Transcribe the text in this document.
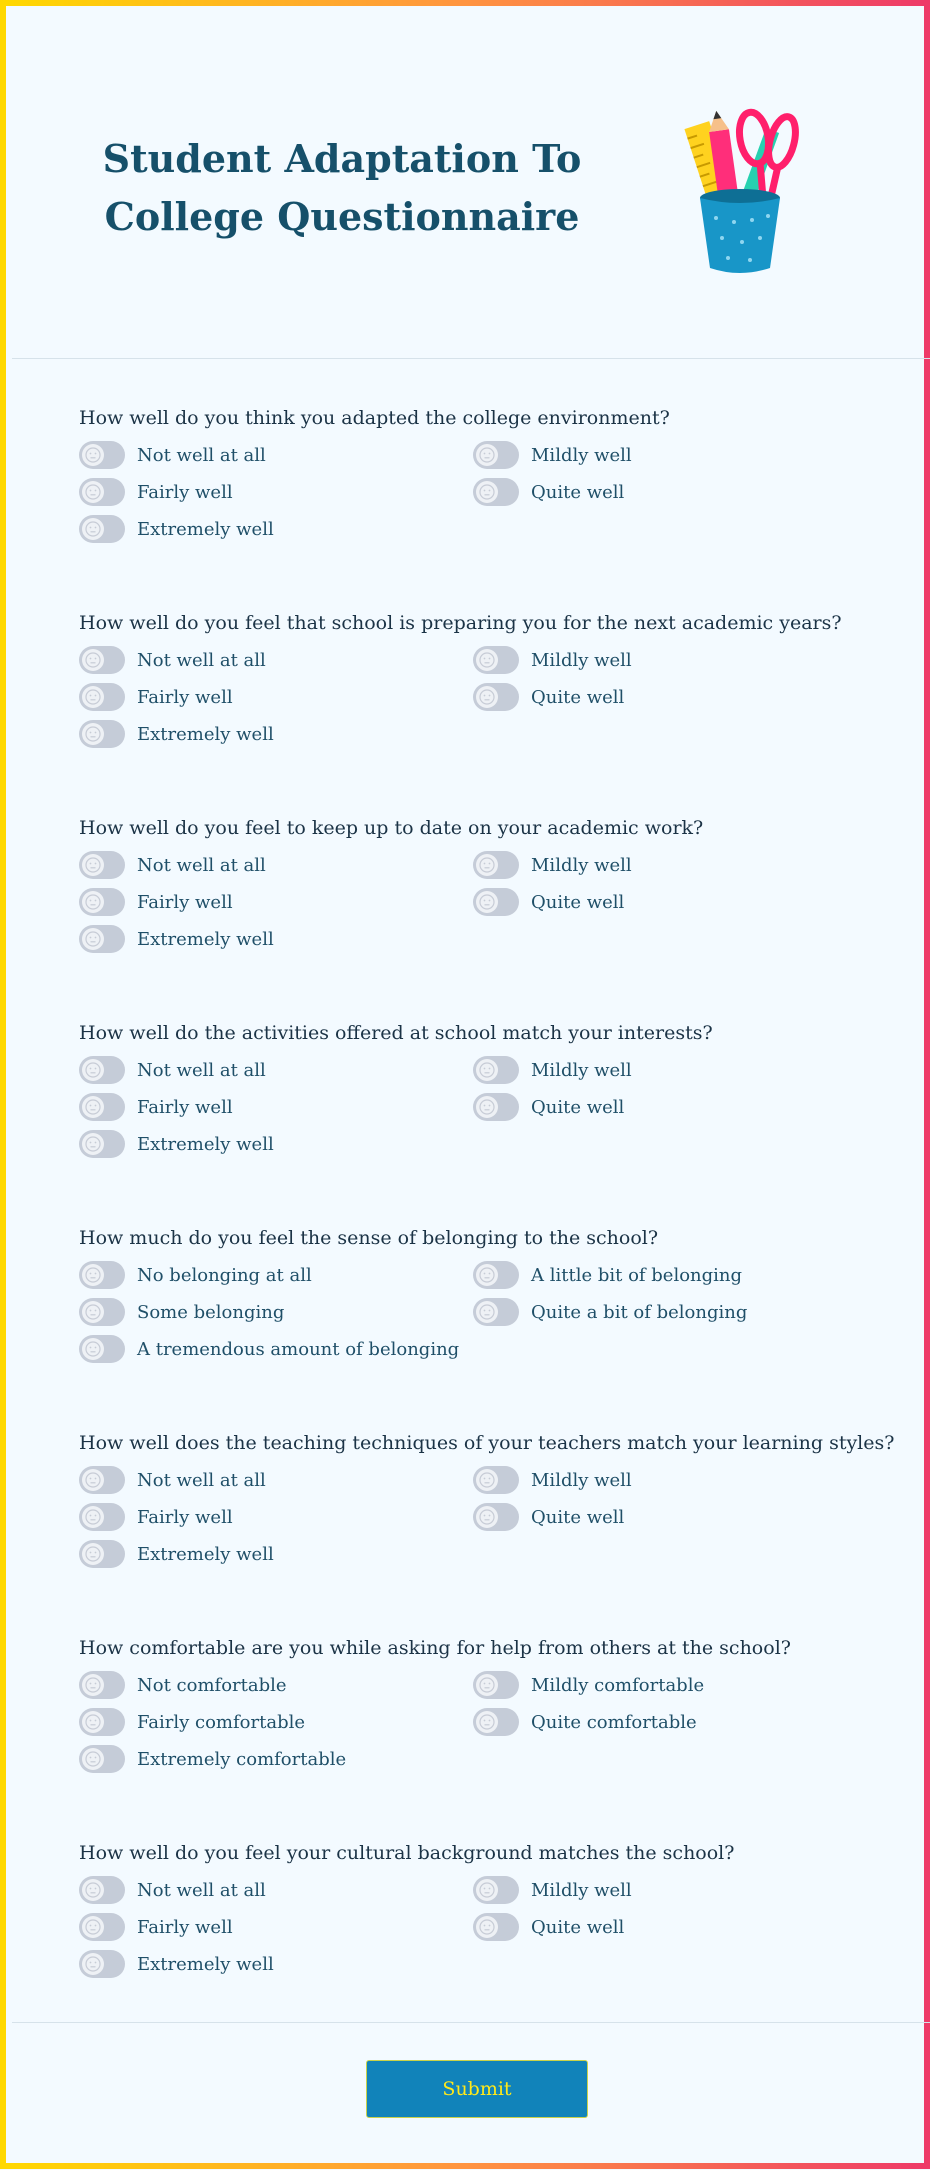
Student Adaptation To
College Questionnaire

How well do you think you adapted the college environment?

Not well at all	Mildly well
Fairly well	Quite well
Extremely well

How well do you feel that school is preparing you for the next academic years?

Not well at all	Mildly well
Fairly well	Quite well
Extremely well

How well do you feel to keep up to date on your academic work?

Not well at all	Mildly well
Fairly well	Quite well
Extremely well

How well do the activities offered at school match your interests?

Not well at all	Mildly well
Fairly well	Quite well
Extremely well

How much do you feel the sense of belonging to the school?

No belonging at all	A little bit of belonging
Some belonging	Quite a bit of belonging
A tremendous amount of belonging

How well does the teaching techniques of your teachers match your learning styles?

Not well at all	Mildly well
Fairly well	Quite well
Extremely well

How comfortable are you while asking for help from others at the school?

Not comfortable	Mildly comfortable
Fairly comfortable	Quite comfortable
Extremely comfortable

How well do you feel your cultural background matches the school?

Not well at all	Mildly well
Fairly well	Quite well
Extremely well
Submit
